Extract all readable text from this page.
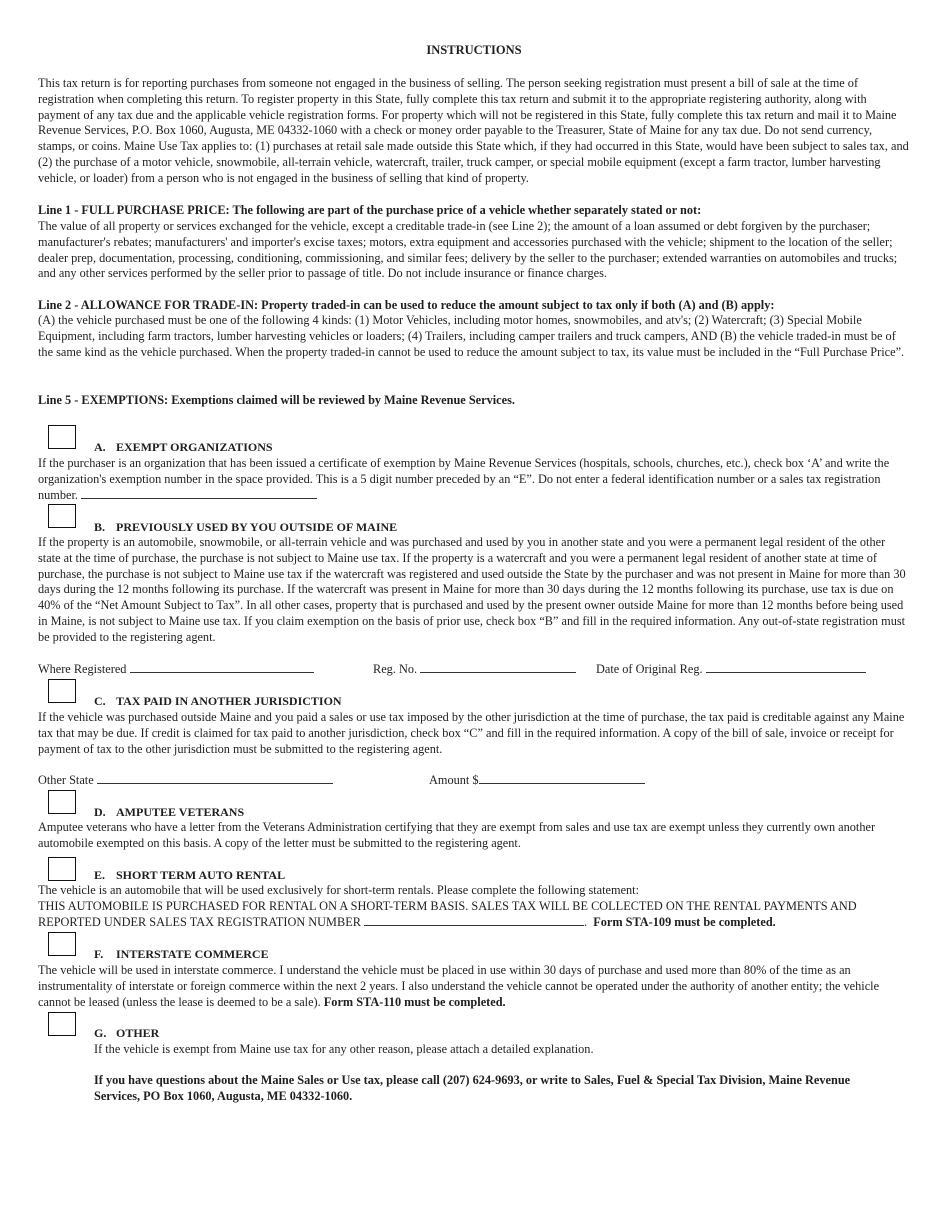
INSTRUCTIONS

This tax return is for reporting purchases from someone not engaged in the business of selling. The person seeking registration must present a bill of sale at the time of registration when completing this return. To register property in this State, fully complete this tax return and submit it to the appropriate registering authority, along with payment of any tax due and the applicable vehicle registration forms. For property which will not be registered in this State, fully complete this tax return and mail it to Maine Revenue Services, P.O. Box 1060, Augusta, ME 04332-1060 with a check or money order payable to the Treasurer, State of Maine for any tax due. Do not send currency, stamps, or coins. Maine Use Tax applies to: (1) purchases at retail sale made outside this State which, if they had occurred in this State, would have been subject to sales tax, and (2) the purchase of a motor vehicle, snowmobile, all-terrain vehicle, watercraft, trailer, truck camper, or special mobile equipment (except a farm tractor, lumber harvesting vehicle, or loader) from a person who is not engaged in the business of selling that kind of property.

Line 1 - FULL PURCHASE PRICE: The following are part of the purchase price of a vehicle whether separately stated or not:

The value of all property or services exchanged for the vehicle, except a creditable trade-in (see Line 2); the amount of a loan assumed or debt forgiven by the purchaser; manufacturer's rebates; manufacturers' and importer's excise taxes; motors, extra equipment and accessories purchased with the vehicle; shipment to the location of the seller; dealer prep, documentation, processing, conditioning, commissioning, and similar fees; delivery by the seller to the purchaser; extended warranties on automobiles and trucks; and any other services performed by the seller prior to passage of title. Do not include insurance or finance charges.

Line 2 - ALLOWANCE FOR TRADE-IN: Property traded-in can be used to reduce the amount subject to tax only if both (A) and (B) apply:

(A) the vehicle purchased must be one of the following 4 kinds: (1) Motor Vehicles, including motor homes, snowmobiles, and atv's; (2) Watercraft; (3) Special Mobile Equipment, including farm tractors, lumber harvesting vehicles or loaders; (4) Trailers, including camper trailers and truck campers, AND (B) the vehicle traded-in must be of the same kind as the vehicle purchased. When the property traded-in cannot be used to reduce the amount subject to tax, its value must be included in the “Full Purchase Price”.

Line 5 - EXEMPTIONS: Exemptions claimed will be reviewed by Maine Revenue Services.

A. EXEMPT ORGANIZATIONS

If the purchaser is an organization that has been issued a certificate of exemption by Maine Revenue Services (hospitals, schools, churches, etc.), check box ‘A’ and write the organization's exemption number in the space provided. This is a 5 digit number preceded by an “E”. Do not enter a federal identification number or a sales tax registration number.

B. PREVIOUSLY USED BY YOU OUTSIDE OF MAINE

If the property is an automobile, snowmobile, or all-terrain vehicle and was purchased and used by you in another state and you were a permanent legal resident of the other state at the time of purchase, the purchase is not subject to Maine use tax. If the property is a watercraft and you were a permanent legal resident of another state at time of purchase, the purchase is not subject to Maine use tax if the watercraft was registered and used outside the State by the purchaser and was not present in Maine for more than 30 days during the 12 months following its purchase. If the watercraft was present in Maine for more than 30 days during the 12 months following its purchase, use tax is due on 40% of the “Net Amount Subject to Tax”. In all other cases, property that is purchased and used by the present owner outside Maine for more than 12 months before being used in Maine, is not subject to Maine use tax. If you claim exemption on the basis of prior use, check box “B” and fill in the required information. Any out-of-state registration must be provided to the registering agent.

Where Registered	Reg. No.	Date of Original Reg.
C. TAX PAID IN ANOTHER JURISDICTION

If the vehicle was purchased outside Maine and you paid a sales or use tax imposed by the other jurisdiction at the time of purchase, the tax paid is creditable against any Maine tax that may be due. If credit is claimed for tax paid to another jurisdiction, check box “C” and fill in the required information. A copy of the bill of sale, invoice or receipt for payment of tax to the other jurisdiction must be submitted to the registering agent.

Other State	Amount $
D. AMPUTEE VETERANS

Amputee veterans who have a letter from the Veterans Administration certifying that they are exempt from sales and use tax are exempt unless they currently own another automobile exempted on this basis. A copy of the letter must be submitted to the registering agent.

E. SHORT TERM AUTO RENTAL

The vehicle is an automobile that will be used exclusively for short-term rentals. Please complete the following statement:

THIS AUTOMOBILE IS PURCHASED FOR RENTAL ON A SHORT-TERM BASIS. SALES TAX WILL BE COLLECTED ON THE RENTAL PAYMENTS AND REPORTED UNDER SALES TAX REGISTRATION NUMBER	.  Form STA-109 must be completed.

F. INTERSTATE COMMERCE

The vehicle will be used in interstate commerce. I understand the vehicle must be placed in use within 30 days of purchase and used more than 80% of the time as an instrumentality of interstate or foreign commerce within the next 2 years. I also understand the vehicle cannot be operated under the authority of another entity; the vehicle cannot be leased (unless the lease is deemed to be a sale). Form STA-110 must be completed.

G. OTHER

If the vehicle is exempt from Maine use tax for any other reason, please attach a detailed explanation.

If you have questions about the Maine Sales or Use tax, please call (207) 624-9693, or write to Sales, Fuel & Special Tax Division, Maine Revenue Services, PO Box 1060, Augusta, ME 04332-1060.
